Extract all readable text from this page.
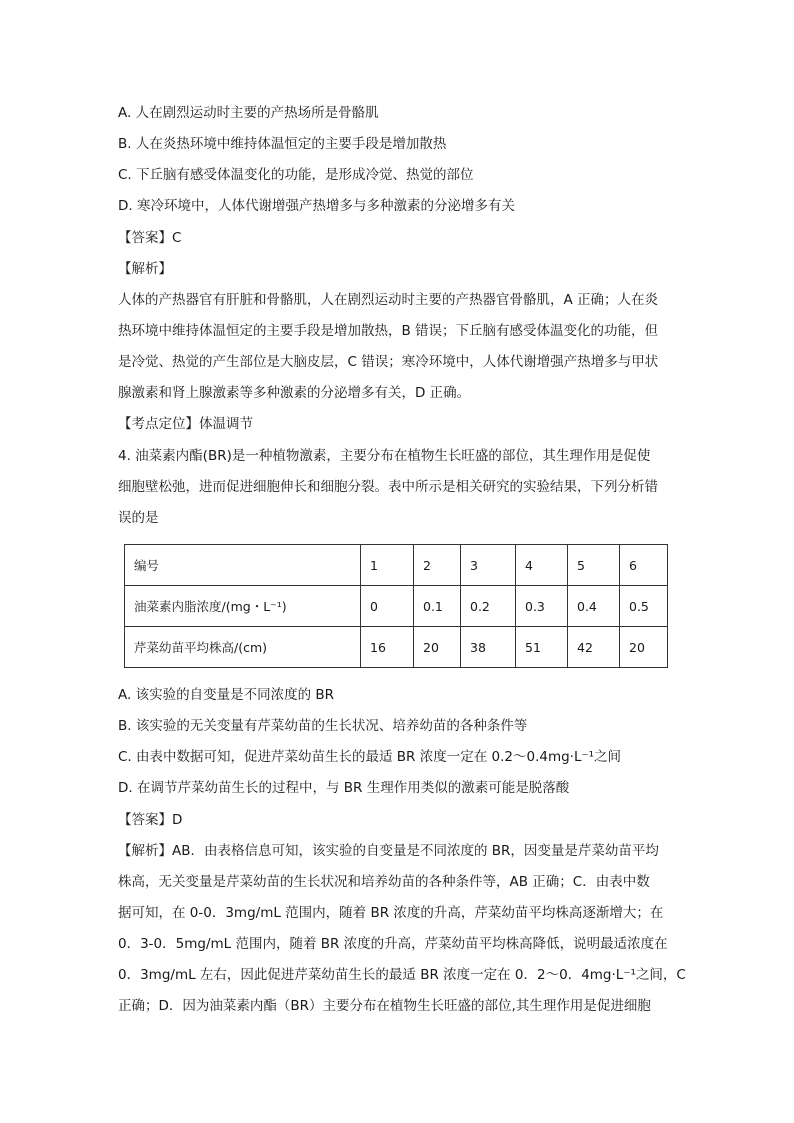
A. 人在剧烈运动时主要的产热场所是骨骼肌
B. 人在炎热环境中维持体温恒定的主要手段是增加散热
C. 下丘脑有感受体温变化的功能，是形成冷觉、热觉的部位
D. 寒冷环境中，人体代谢增强产热增多与多种激素的分泌增多有关
【答案】C
【解析】
人体的产热器官有肝脏和骨骼肌，人在剧烈运动时主要的产热器官骨骼肌，A 正确；人在炎
热环境中维持体温恒定的主要手段是增加散热，B 错误；下丘脑有感受体温变化的功能，但
是冷觉、热觉的产生部位是大脑皮层，C 错误；寒冷环境中，人体代谢增强产热增多与甲状
腺激素和肾上腺激素等多种激素的分泌增多有关，D 正确。
【考点定位】体温调节
4. 油菜素内酯(BR)是一种植物激素，主要分布在植物生长旺盛的部位，其生理作用是促使
细胞壁松弛，进而促进细胞伸长和细胞分裂。表中所示是相关研究的实验结果，下列分析错
误的是
编号	1	2	3	4	5	6
油菜素内脂浓度/(mg・L⁻¹)	0	0.1	0.2	0.3	0.4	0.5
芹菜幼苗平均株高/(cm)	16	20	38	51	42	20
A. 该实验的自变量是不同浓度的 BR
B. 该实验的无关变量有芹菜幼苗的生长状况、培养幼苗的各种条件等
C. 由表中数据可知，促进芹菜幼苗生长的最适 BR 浓度一定在 0.2～0.4mg·L⁻¹之间
D. 在调节芹菜幼苗生长的过程中，与 BR 生理作用类似的激素可能是脱落酸
【答案】D
【解析】AB．由表格信息可知，该实验的自变量是不同浓度的 BR，因变量是芹菜幼苗平均
株高，无关变量是芹菜幼苗的生长状况和培养幼苗的各种条件等，AB 正确；C．由表中数
据可知，在 0-0．3mg/mL 范围内，随着 BR 浓度的升高，芹菜幼苗平均株高逐渐增大；在
0．3-0．5mg/mL 范围内，随着 BR 浓度的升高，芹菜幼苗平均株高降低，说明最适浓度在
0．3mg/mL 左右，因此促进芹菜幼苗生长的最适 BR 浓度一定在 0．2～0．4mg·L⁻¹之间，C
正确；D．因为油菜素内酯（BR）主要分布在植物生长旺盛的部位,其生理作用是促进细胞
